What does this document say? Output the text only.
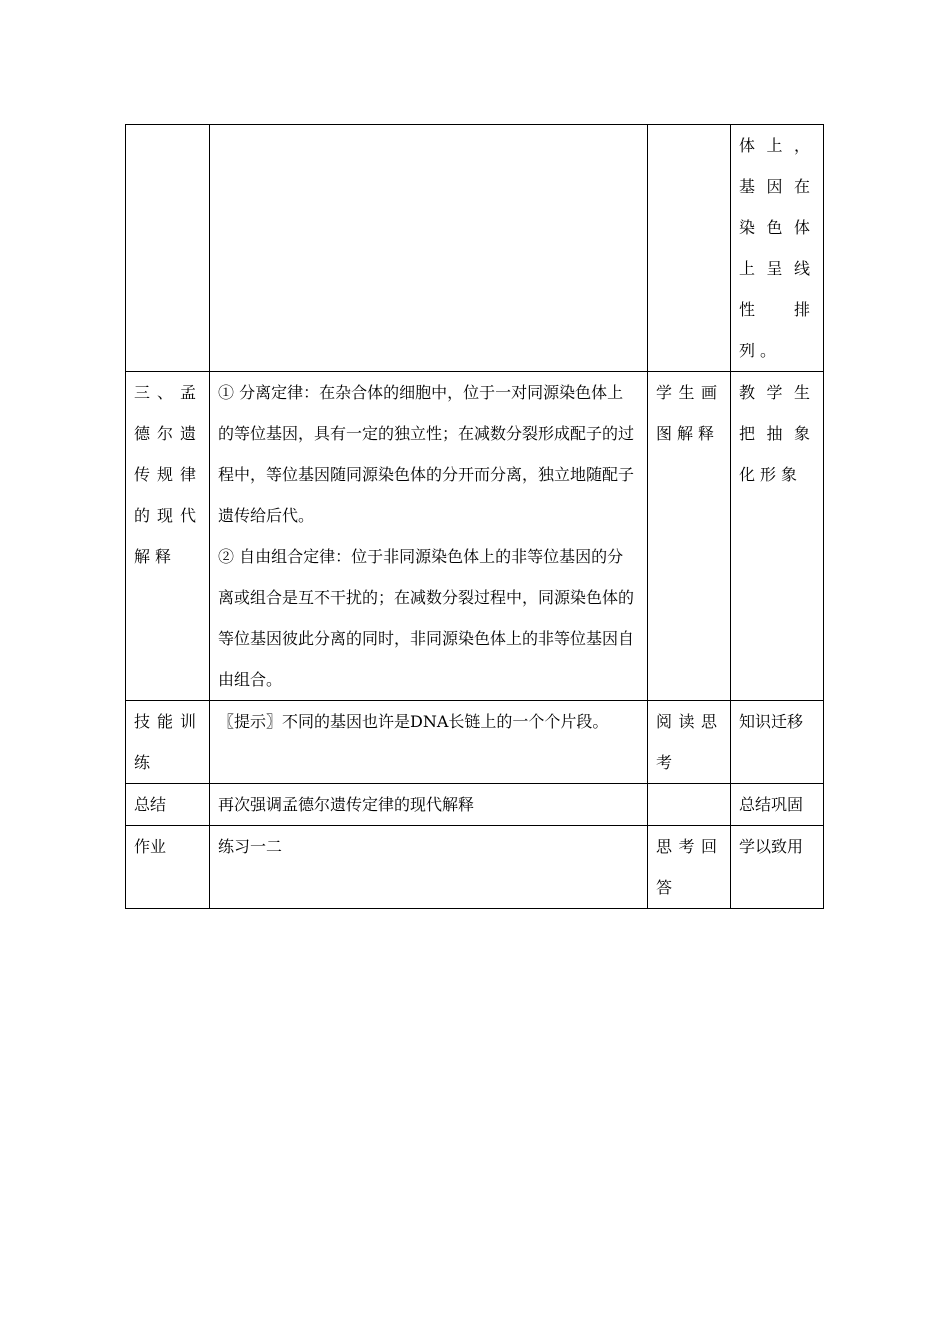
			体上，基因在染色体上呈线性排列。

三、孟德尔遗传规律的现代解释	① 分离定律：在杂合体的细胞中，位于一对同源染色体上的等位基因，具有一定的独立性；在减数分裂形成配子的过程中，等位基因随同源染色体的分开而分离，独立地随配子遗传给后代。
② 自由组合定律：位于非同源染色体上的非等位基因的分离或组合是互不干扰的；在减数分裂过程中，同源染色体的等位基因彼此分离的同时，非同源染色体上的非等位基因自由组合。	学生画图解释	教学生把抽象化形象

技能训练	〖提示〗不同的基因也许是DNA长链上的一个个片段。	阅读思考	知识迁移

总结	再次强调孟德尔遗传定律的现代解释		总结巩固

作业	练习一二	思考回答	学以致用
